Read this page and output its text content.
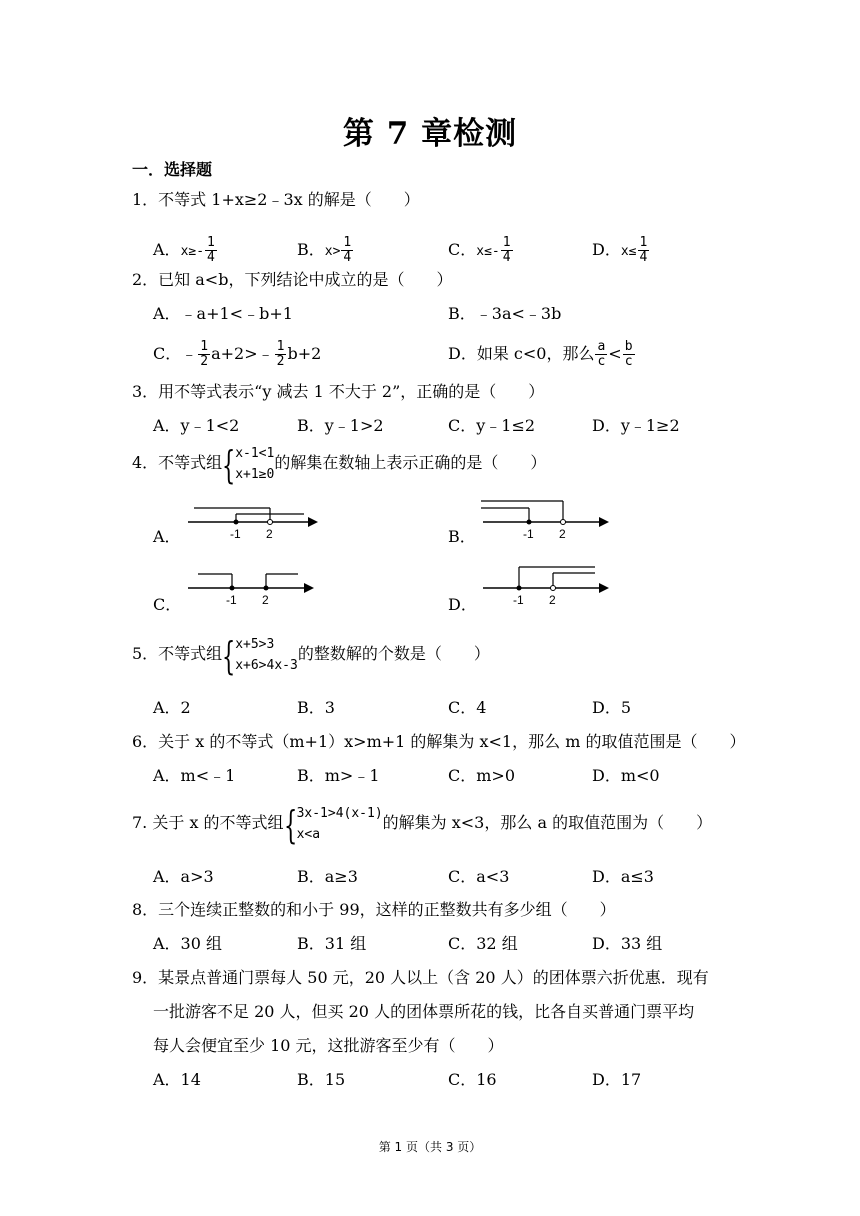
第 7 章检测
一．选择题
1．不等式 1+x≥2﹣3x 的解是（　　）
A．$x\ge- \frac{1}{4}$	B．$x> \frac{1}{4}$	C．$x\le- \frac{1}{4}$	D．$x\le \frac{1}{4}$
2．已知 a<b，下列结论中成立的是（　　）
A．﹣a+1<﹣b+1	B．﹣3a<﹣3b
C．﹣ $\frac{1}{2}$ a+2>﹣ $\frac{1}{2} b+2$	D．如果 c<0，那么 $\frac{a}{c} < \frac{b}{c}$
3．用不等式表示“y 减去 1 不大于 2”，正确的是（　　）
A．y﹣1<2	B．y﹣1>2	C．y﹣1≤2	D．y﹣1≥2
4．不等式组 { x-1<1
x+1≥0
的解集在数轴上表示正确的是（　　）
A．	-1 2	B．	-1 2
C．	-1 2	D．	-1 2
5．不等式组 { x+5>3
x+6>4x-3
的整数解的个数是（　　）
A．2	B．3	C．4	D．5
6．关于 x 的不等式（m+1）x>m+1 的解集为 x<1，那么 m 的取值范围是（　　）
A．m<﹣1	B．m>﹣1	C．m>0	D．m<0
7. 关于 x 的不等式组 { 3x-1>4(x-1)
x<a
的解集为 x<3，那么 a 的取值范围为（　　）
A．a>3	B．a≥3	C．a<3	D．a≤3
8．三个连续正整数的和小于 99，这样的正整数共有多少组（　　）
A．30 组	B．31 组	C．32 组	D．33 组
9．某景点普通门票每人 50 元，20 人以上（含 20 人）的团体票六折优惠．现有
一批游客不足 20 人，但买 20 人的团体票所花的钱，比各自买普通门票平均
每人会便宜至少 10 元，这批游客至少有（　　）
A．14	B．15	C．16	D．17
第 1 页（共 3 页）
